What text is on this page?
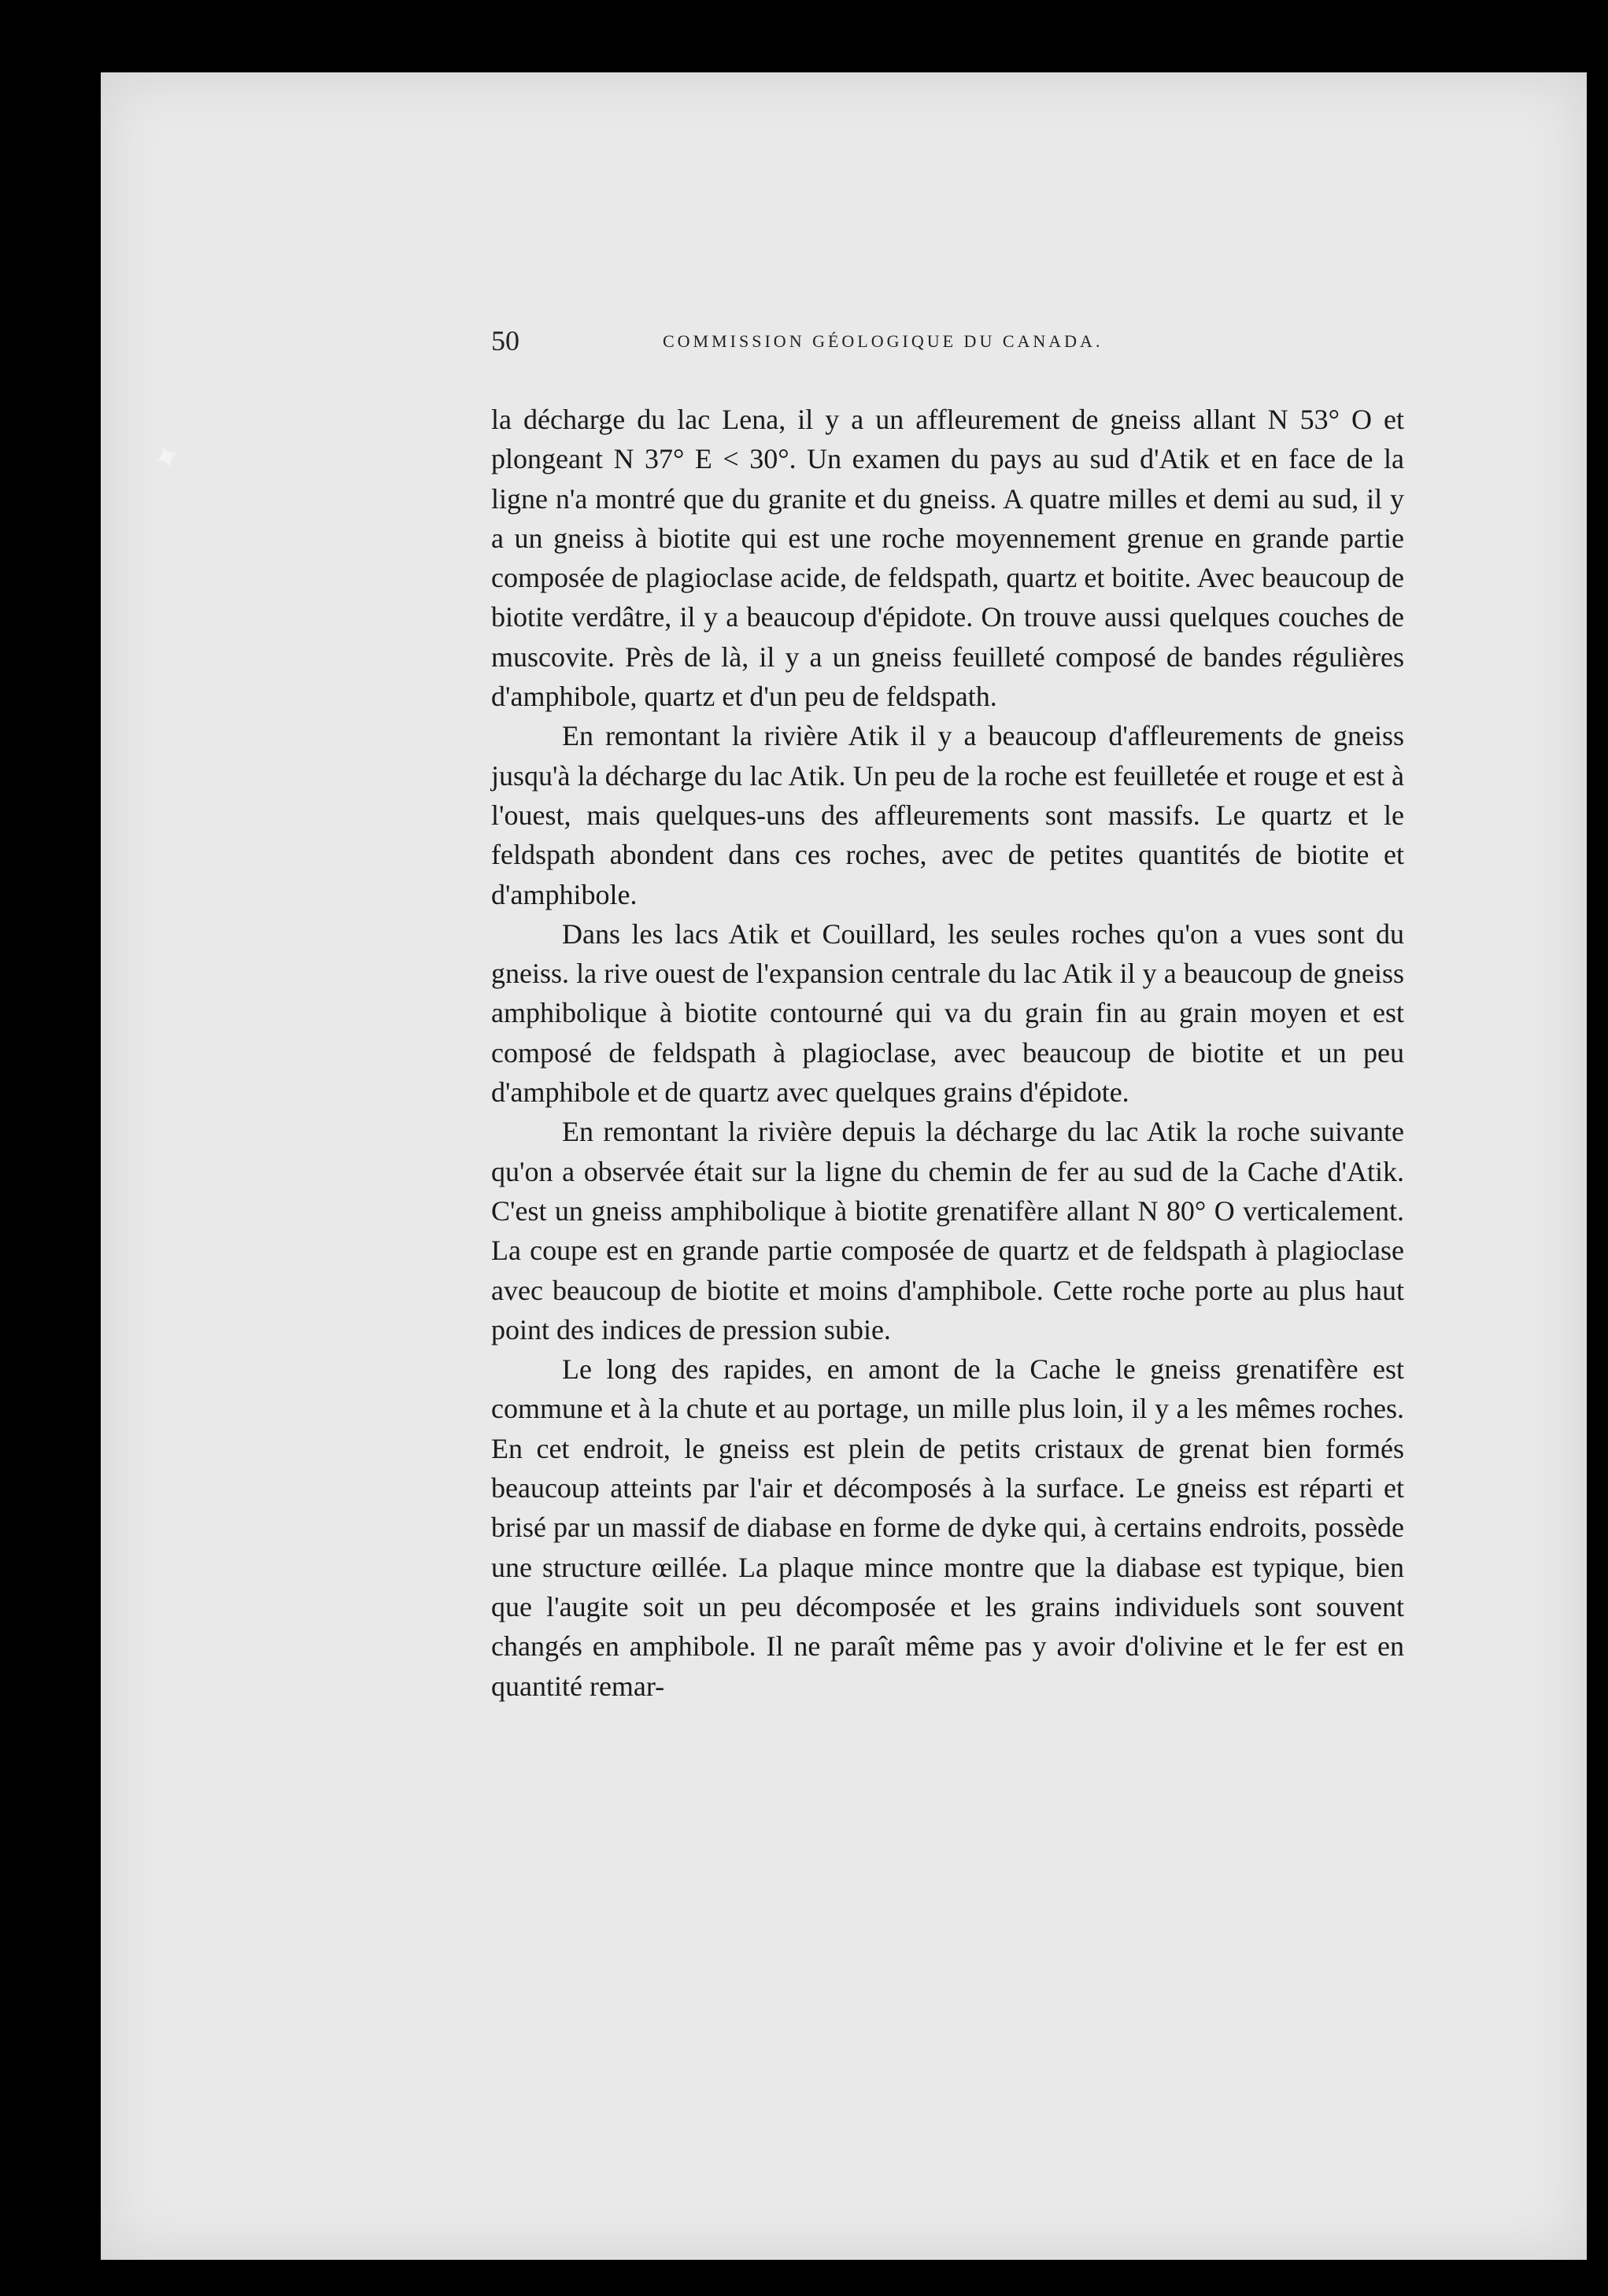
✦
50	COMMISSION GÉOLOGIQUE DU CANADA.

la décharge du lac Lena, il y a un affleurement de gneiss allant N 53° O et plongeant N 37° E < 30°. Un examen du pays au sud d'Atik et en face de la ligne n'a montré que du granite et du gneiss. A quatre milles et demi au sud, il y a un gneiss à biotite qui est une roche moyennement grenue en grande partie composée de plagioclase acide, de feldspath, quartz et boitite. Avec beaucoup de biotite verdâtre, il y a beaucoup d'épidote. On trouve aussi quelques couches de muscovite. Près de là, il y a un gneiss feuilleté composé de bandes régulières d'amphibole, quartz et d'un peu de feldspath.

En remontant la rivière Atik il y a beaucoup d'affleurements de gneiss jusqu'à la décharge du lac Atik. Un peu de la roche est feuilletée et rouge et est à l'ouest, mais quelques-uns des affleurements sont massifs. Le quartz et le feldspath abondent dans ces roches, avec de petites quantités de biotite et d'amphibole.

Dans les lacs Atik et Couillard, les seules roches qu'on a vues sont du gneiss. la rive ouest de l'expansion centrale du lac Atik il y a beaucoup de gneiss amphibolique à biotite contourné qui va du grain fin au grain moyen et est composé de feldspath à plagioclase, avec beaucoup de biotite et un peu d'amphibole et de quartz avec quelques grains d'épidote.

En remontant la rivière depuis la décharge du lac Atik la roche suivante qu'on a observée était sur la ligne du chemin de fer au sud de la Cache d'Atik. C'est un gneiss amphibolique à biotite grenatifère allant N 80° O verticalement. La coupe est en grande partie composée de quartz et de feldspath à plagioclase avec beaucoup de biotite et moins d'amphibole. Cette roche porte au plus haut point des indices de pression subie.

Le long des rapides, en amont de la Cache le gneiss grenatifère est commune et à la chute et au portage, un mille plus loin, il y a les mêmes roches. En cet endroit, le gneiss est plein de petits cristaux de grenat bien formés beaucoup atteints par l'air et décomposés à la surface. Le gneiss est réparti et brisé par un massif de diabase en forme de dyke qui, à certains endroits, possède une structure œillée. La plaque mince montre que la diabase est typique, bien que l'augite soit un peu décomposée et les grains individuels sont souvent changés en amphibole. Il ne paraît même pas y avoir d'olivine et le fer est en quantité remar-
